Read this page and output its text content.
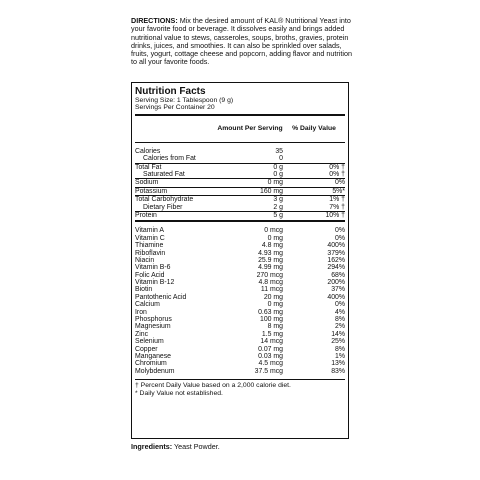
DIRECTIONS: Mix the desired amount of KAL® Nutritional Yeast into your favorite food or beverage. It dissolves easily and brings added nutritional value to stews, casseroles, soups, broths, gravies, protein drinks, juices, and smoothies. It can also be sprinkled over salads, fruits, yogurt, cottage cheese and popcorn, adding flavor and nutrition to all your favorite foods.
Nutrition Facts
Serving Size: 1 Tablespoon (9 g)
Servings Per Container 20
Amount Per Serving	% Daily Value
Calories	35
Calories from Fat	0
Total Fat	0 g	0% †
Saturated Fat	0 g	0% †
Sodium	0 mg	0%
Potassium	160 mg	5%*
Total Carbohydrate	3 g	1% †
Dietary Fiber	2 g	7% †
Protein	5 g	10% †
Vitamin A	0 mcg	0%
Vitamin C	0 mg	0%
Thiamine	4.8 mg	400%
Riboflavin	4.93 mg	379%
Niacin	25.9 mg	162%
Vitamin B-6	4.99 mg	294%
Folic Acid	270 mcg	68%
Vitamin B-12	4.8 mcg	200%
Biotin	11 mcg	37%
Pantothenic Acid	20 mg	400%
Calcium	0 mg	0%
Iron	0.63 mg	4%
Phosphorus	100 mg	8%
Magnesium	8 mg	2%
Zinc	1.5 mg	14%
Selenium	14 mcg	25%
Copper	0.07 mg	8%
Manganese	0.03 mg	1%
Chromium	4.5 mcg	13%
Molybdenum	37.5 mcg	83%
† Percent Daily Value based on a 2,000 calorie diet.
* Daily Value not established.
Ingredients: Yeast Powder.
